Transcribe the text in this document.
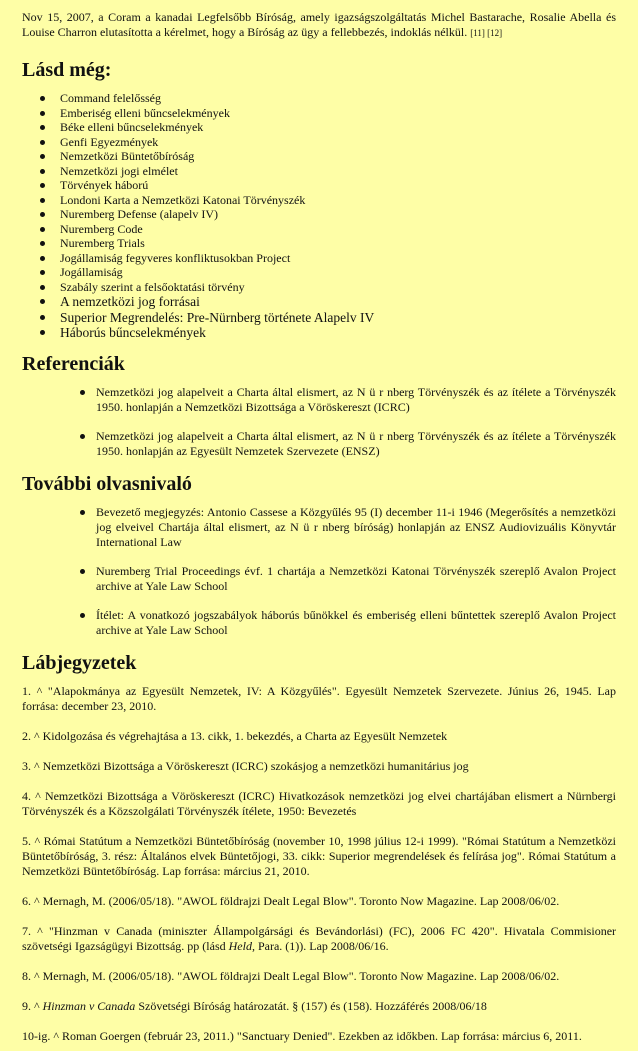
Nov 15, 2007, a Coram a kanadai Legfelsőbb Bíróság, amely igazságszolgáltatás Michel Bastarache, Rosalie Abella és Louise Charron elutasította a kérelmet, hogy a Bíróság az ügy a fellebbezés, indoklás nélkül. [11] [12]

Lásd még:
Command felelősség
Emberiség elleni bűncselekmények
Béke elleni bűncselekmények
Genfi Egyezmények
Nemzetközi Büntetőbíróság
Nemzetközi jogi elmélet
Törvények háború
Londoni Karta a Nemzetközi Katonai Törvényszék
Nuremberg Defense (alapelv IV)
Nuremberg Code
Nuremberg Trials
Jogállamiság fegyveres konfliktusokban Project
Jogállamiság
Szabály szerint a felsőoktatási törvény
A nemzetközi jog forrásai
Superior Megrendelés: Pre-Nürnberg története Alapelv IV
Háborús bűncselekmények
Referenciák
Nemzetközi jog alapelveit a Charta által elismert, az N ü r nberg Törvényszék és az ítélete a Törvényszék 1950. honlapján a Nemzetközi Bizottsága a Vöröskereszt (ICRC)
Nemzetközi jog alapelveit a Charta által elismert, az N ü r nberg Törvényszék és az ítélete a Törvényszék 1950. honlapján az Egyesült Nemzetek Szervezete (ENSZ)
További olvasnivaló
Bevezető megjegyzés: Antonio Cassese a Közgyűlés 95 (I) december 11-i 1946 (Megerősítés a nemzetközi jog elveivel Chartája által elismert, az N ü r nberg bíróság) honlapján az ENSZ Audiovizuális Könyvtár International Law
Nuremberg Trial Proceedings évf. 1 chartája a Nemzetközi Katonai Törvényszék szereplő Avalon Project archive at Yale Law School
Ítélet: A vonatkozó jogszabályok háborús bűnökkel és emberiség elleni bűntettek szereplő Avalon Project archive at Yale Law School
Lábjegyzetek

1. ^ "Alapokmánya az Egyesült Nemzetek, IV: A Közgyűlés". Egyesült Nemzetek Szervezete. Június 26, 1945. Lap forrása: december 23, 2010.

2. ^ Kidolgozása és végrehajtása a 13. cikk, 1. bekezdés, a Charta az Egyesült Nemzetek

3. ^ Nemzetközi Bizottsága a Vöröskereszt (ICRC) szokásjog a nemzetközi humanitárius jog

4. ^ Nemzetközi Bizottsága a Vöröskereszt (ICRC) Hivatkozások nemzetközi jog elvei chartájában elismert a Nürnbergi Törvényszék és a Közszolgálati Törvényszék ítélete, 1950: Bevezetés

5. ^ Római Statútum a Nemzetközi Büntetőbíróság (november 10, 1998 július 12-i 1999). "Római Statútum a Nemzetközi Büntetőbíróság, 3. rész: Általános elvek Büntetőjogi, 33. cikk: Superior megrendelések és felírása jog". Római Statútum a Nemzetközi Büntetőbíróság. Lap forrása: március 21, 2010.

6. ^ Mernagh, M. (2006/05/18). "AWOL földrajzi Dealt Legal Blow". Toronto Now Magazine. Lap 2008/06/02.

7. ^ "Hinzman v Canada (miniszter Állampolgársági és Bevándorlási) (FC), 2006 FC 420". Hivatala Commisioner szövetségi Igazságügyi Bizottság. pp (lásd Held, Para. (1)). Lap 2008/06/16.

8. ^ Mernagh, M. (2006/05/18). "AWOL földrajzi Dealt Legal Blow". Toronto Now Magazine. Lap 2008/06/02.

9. ^ Hinzman v Canada Szövetségi Bíróság határozatát. § (157) és (158). Hozzáférés 2008/06/18

10-ig. ^ Roman Goergen (február 23, 2011.) "Sanctuary Denied". Ezekben az időkben. Lap forrása: március 6, 2011.
